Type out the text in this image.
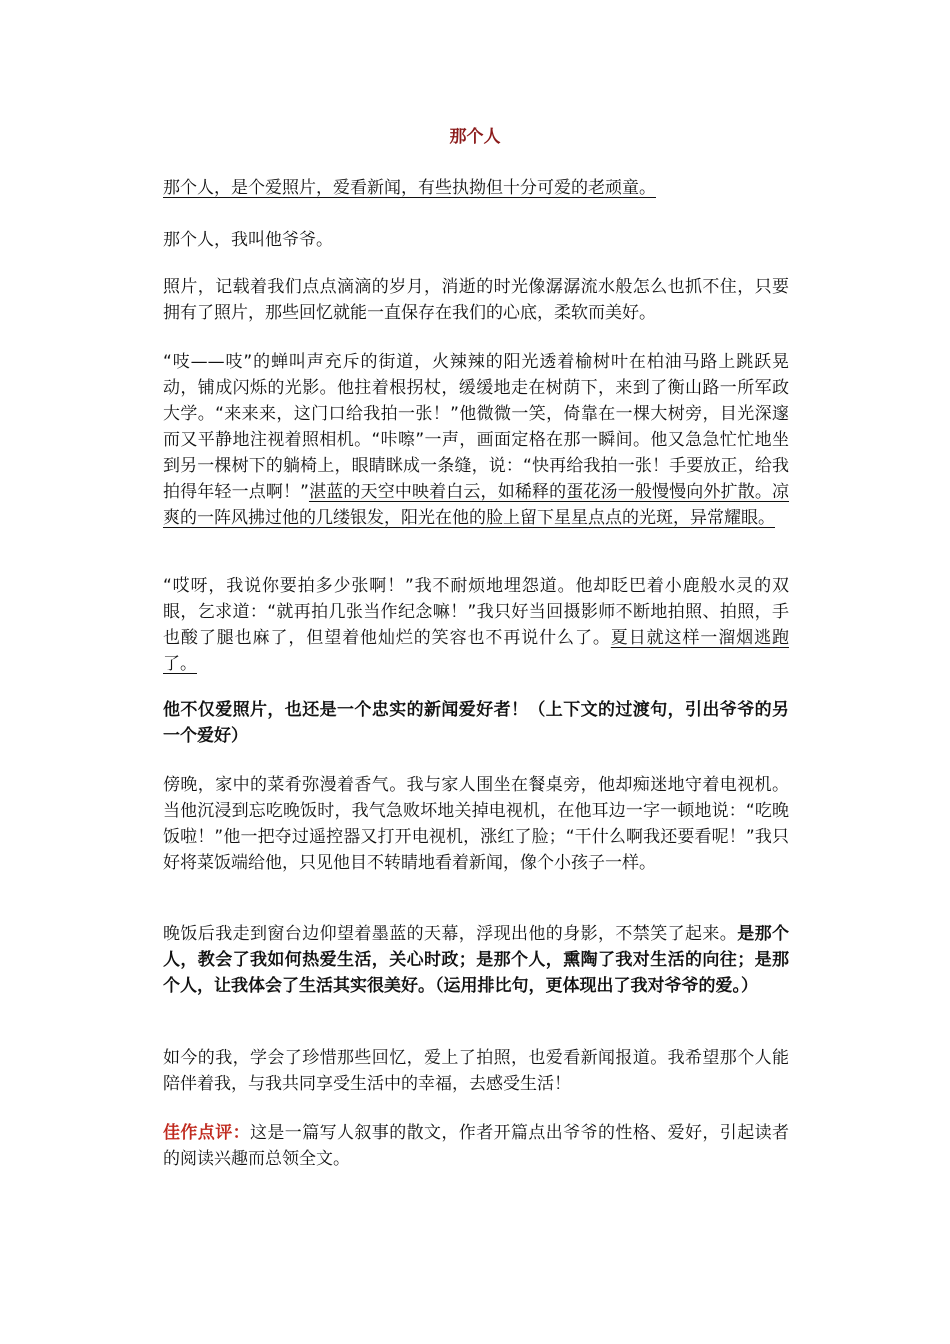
那个人

那个人，是个爱照片，爱看新闻，有些执拗但十分可爱的老顽童。

那个人，我叫他爷爷。

照片，记载着我们点点滴滴的岁月，消逝的时光像潺潺流水般怎么也抓不住，只要拥有了照片，那些回忆就能一直保存在我们的心底，柔软而美好。

“吱——吱”的蝉叫声充斥的街道，火辣辣的阳光透着榆树叶在柏油马路上跳跃晃动，铺成闪烁的光影。他拄着根拐杖，缓缓地走在树荫下，来到了衡山路一所军政大学。“来来来，这门口给我拍一张！”他微微一笑，倚靠在一棵大树旁，目光深邃而又平静地注视着照相机。“咔嚓”一声，画面定格在那一瞬间。他又急急忙忙地坐到另一棵树下的躺椅上，眼睛眯成一条缝，说：“快再给我拍一张！手要放正，给我拍得年轻一点啊！”湛蓝的天空中映着白云，如稀释的蛋花汤一般慢慢向外扩散。凉爽的一阵风拂过他的几缕银发，阳光在他的脸上留下星星点点的光斑，异常耀眼。

“哎呀，我说你要拍多少张啊！”我不耐烦地埋怨道。他却眨巴着小鹿般水灵的双眼，乞求道：“就再拍几张当作纪念嘛！”我只好当回摄影师不断地拍照、拍照，手也酸了腿也麻了，但望着他灿烂的笑容也不再说什么了。夏日就这样一溜烟逃跑了。

他不仅爱照片，也还是一个忠实的新闻爱好者！（上下文的过渡句，引出爷爷的另一个爱好）

傍晚，家中的菜肴弥漫着香气。我与家人围坐在餐桌旁，他却痴迷地守着电视机。当他沉浸到忘吃晚饭时，我气急败坏地关掉电视机，在他耳边一字一顿地说：“吃晚饭啦！”他一把夺过遥控器又打开电视机，涨红了脸；“干什么啊我还要看呢！”我只好将菜饭端给他，只见他目不转睛地看着新闻，像个小孩子一样。

晚饭后我走到窗台边仰望着墨蓝的天幕，浮现出他的身影，不禁笑了起来。是那个人，教会了我如何热爱生活，关心时政；是那个人，熏陶了我对生活的向往；是那个人，让我体会了生活其实很美好。（运用排比句，更体现出了我对爷爷的爱。）

如今的我，学会了珍惜那些回忆，爱上了拍照，也爱看新闻报道。我希望那个人能陪伴着我，与我共同享受生活中的幸福，去感受生活！

佳作点评：这是一篇写人叙事的散文，作者开篇点出爷爷的性格、爱好，引起读者的阅读兴趣而总领全文。
